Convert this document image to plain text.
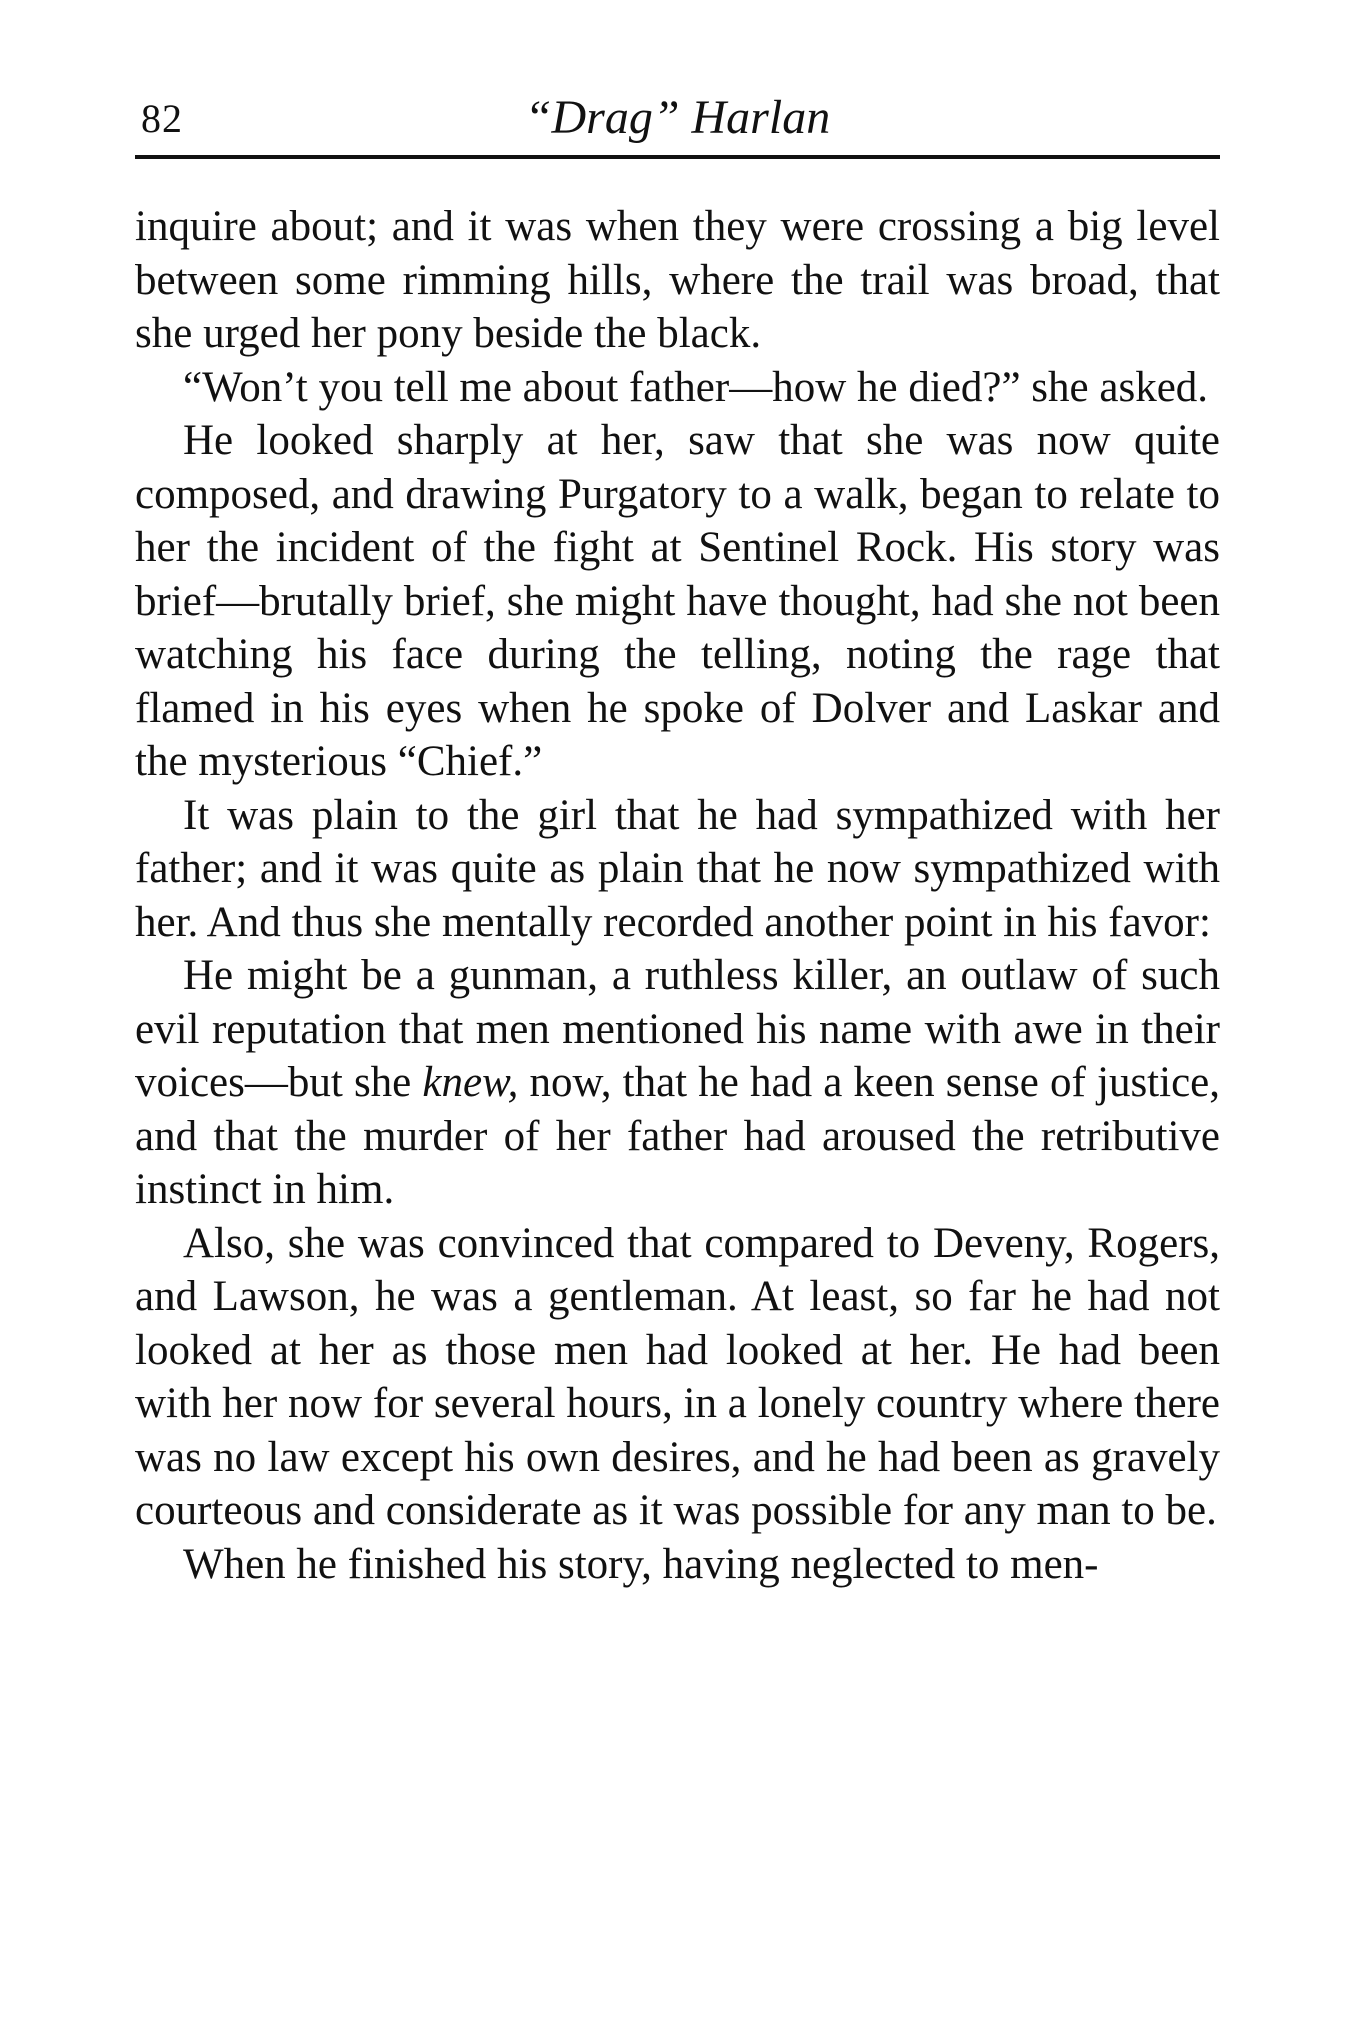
82	“Drag” Harlan

inquire about; and it was when they were crossing a big level between some rimming hills, where the trail was broad, that she urged her pony beside the black.

“Won’t you tell me about father—how he died?” she asked.

He looked sharply at her, saw that she was now quite composed, and drawing Purgatory to a walk, began to relate to her the incident of the fight at Sentinel Rock. His story was brief—brutally brief, she might have thought, had she not been watching his face during the telling, noting the rage that flamed in his eyes when he spoke of Dolver and Laskar and the mysterious “Chief.”

It was plain to the girl that he had sympathized with her father; and it was quite as plain that he now sympathized with her. And thus she mentally recorded another point in his favor:

He might be a gunman, a ruthless killer, an outlaw of such evil reputation that men mentioned his name with awe in their voices—but she knew, now, that he had a keen sense of justice, and that the murder of her father had aroused the retributive instinct in him.

Also, she was convinced that compared to Deveny, Rogers, and Lawson, he was a gentleman. At least, so far he had not looked at her as those men had looked at her. He had been with her now for several hours, in a lonely country where there was no law except his own desires, and he had been as gravely courteous and considerate as it was possible for any man to be.

When he finished his story, having neglected to men-
